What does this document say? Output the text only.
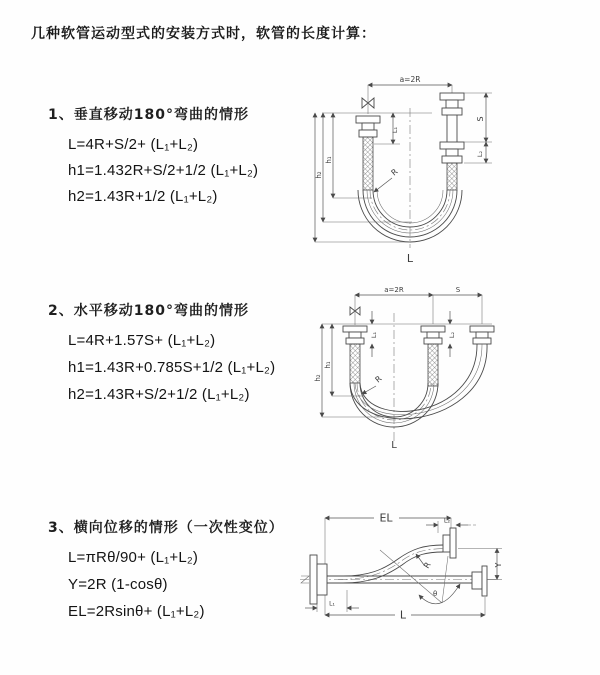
几种软管运动型式的安装方式时，软管的长度计算：
1、垂直移动180°弯曲的情形
L=4R+S/2+ (L₁+L₂)
h1=1.432R+S/2+1/2 (L₁+L₂)
h2=1.43R+1/2 (L₁+L₂)
2、水平移动180°弯曲的情形
L=4R+1.57S+ (L₁+L₂)
h1=1.43R+0.785S+1/2 (L₁+L₂)
h2=1.43R+S/2+1/2 (L₁+L₂)
3、横向位移的情形（一次性变位）
L=πRθ/90+ (L₁+L₂)
Y=2R (1-cosθ)
EL=2Rsinθ+ (L₁+L₂)
a=2R
R
h₂
h₁
L₁
S
L₂
L
a=2R	S
R
h₂
h₁
L₁	L₂
L
EL	L₂
θ
R	Y
L₁
L
